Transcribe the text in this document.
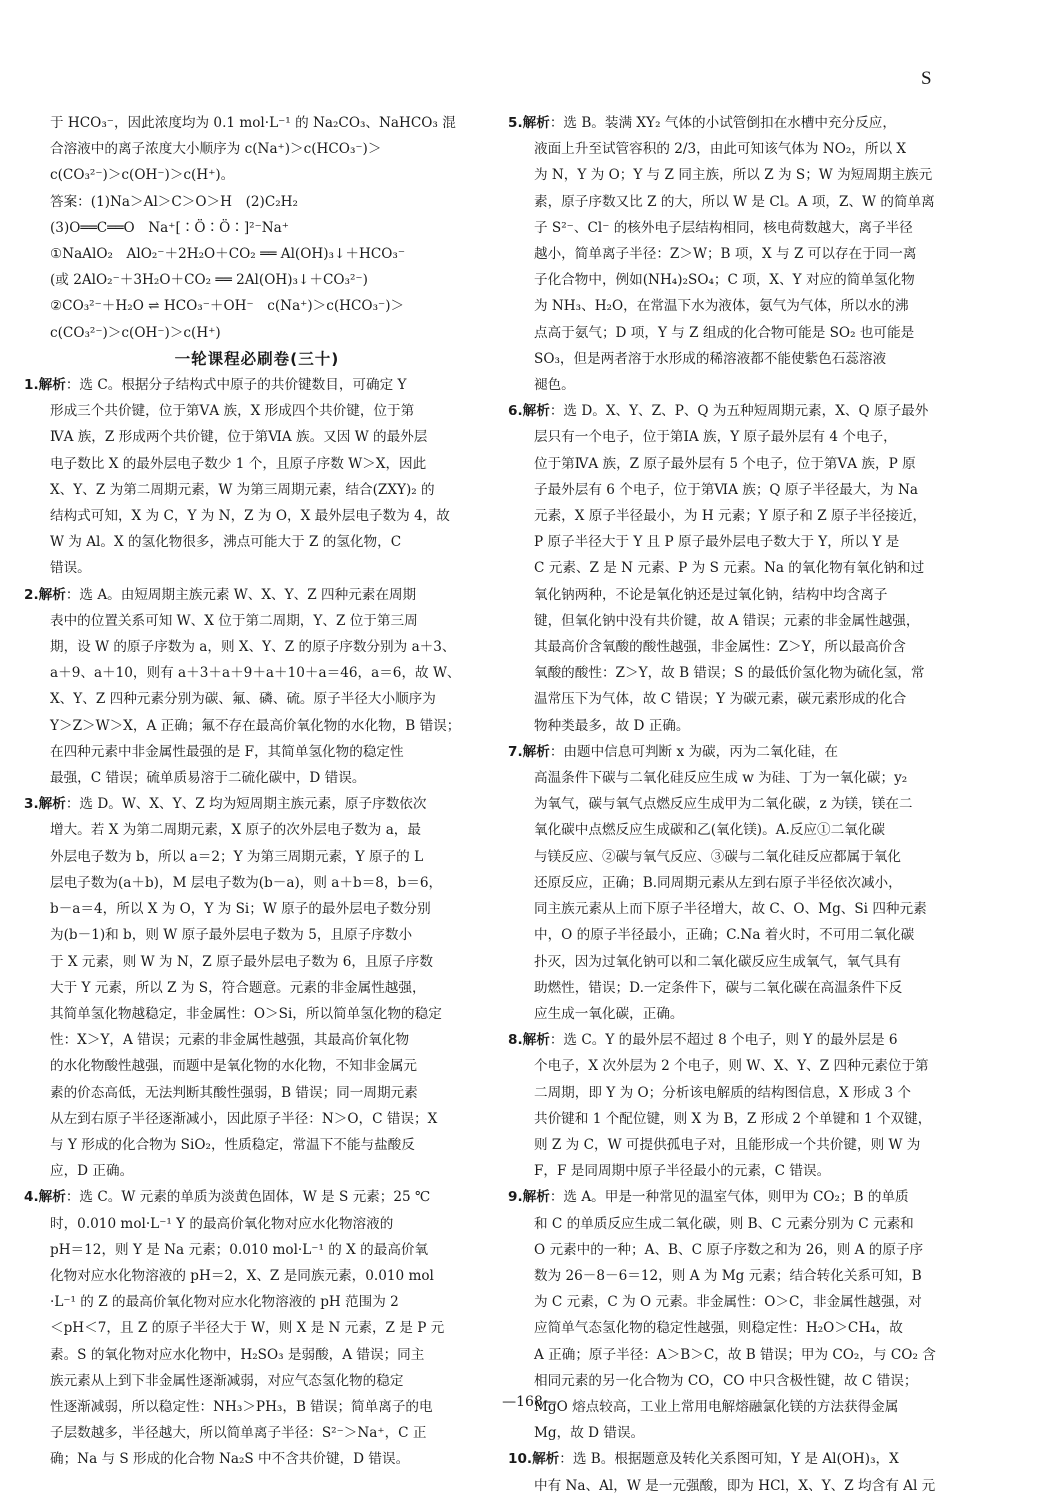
S
于 HCO₃⁻，因此浓度均为 0.1 mol·L⁻¹ 的 Na₂CO₃、NaHCO₃ 混
合溶液中的离子浓度大小顺序为 c(Na⁺)＞c(HCO₃⁻)＞
c(CO₃²⁻)＞c(OH⁻)＞c(H⁺)。
答案：(1)Na＞Al＞C＞O＞H　(2)C₂H₂
(3)O══C══O　Na⁺[∶Ö∶Ö∶]²⁻Na⁺
①NaAlO₂　AlO₂⁻＋2H₂O＋CO₂ ══ Al(OH)₃↓＋HCO₃⁻
(或 2AlO₂⁻＋3H₂O＋CO₂ ══ 2Al(OH)₃↓＋CO₃²⁻)
②CO₃²⁻＋H₂O ⇌ HCO₃⁻＋OH⁻　c(Na⁺)＞c(HCO₃⁻)＞
c(CO₃²⁻)＞c(OH⁻)＞c(H⁺)
一轮课程必刷卷(三十)
1.解析：选 C。根据分子结构式中原子的共价键数目，可确定 Y
形成三个共价键，位于第ⅤA 族，X 形成四个共价键，位于第
ⅣA 族，Z 形成两个共价键，位于第ⅥA 族。又因 W 的最外层
电子数比 X 的最外层电子数少 1 个，且原子序数 W＞X，因此
X、Y、Z 为第二周期元素，W 为第三周期元素，结合(ZXY)₂ 的
结构式可知，X 为 C，Y 为 N，Z 为 O，X 最外层电子数为 4，故
W 为 Al。X 的氢化物很多，沸点可能大于 Z 的氢化物，C
错误。
2.解析：选 A。由短周期主族元素 W、X、Y、Z 四种元素在周期
表中的位置关系可知 W、X 位于第二周期，Y、Z 位于第三周
期，设 W 的原子序数为 a，则 X、Y、Z 的原子序数分别为 a＋3、
a＋9、a＋10，则有 a＋3＋a＋9＋a＋10＋a＝46，a＝6，故 W、
X、Y、Z 四种元素分别为碳、氟、磷、硫。原子半径大小顺序为
Y＞Z＞W＞X，A 正确；氟不存在最高价氧化物的水化物，B 错误；
在四种元素中非金属性最强的是 F，其简单氢化物的稳定性
最强，C 错误；硫单质易溶于二硫化碳中，D 错误。
3.解析：选 D。W、X、Y、Z 均为短周期主族元素，原子序数依次
增大。若 X 为第二周期元素，X 原子的次外层电子数为 a，最
外层电子数为 b，所以 a＝2；Y 为第三周期元素，Y 原子的 L
层电子数为(a＋b)，M 层电子数为(b－a)，则 a＋b＝8，b＝6，
b－a＝4，所以 X 为 O，Y 为 Si；W 原子的最外层电子数分别
为(b－1)和 b，则 W 原子最外层电子数为 5，且原子序数小
于 X 元素，则 W 为 N，Z 原子最外层电子数为 6，且原子序数
大于 Y 元素，所以 Z 为 S，符合题意。元素的非金属性越强，
其简单氢化物越稳定，非金属性：O＞Si，所以简单氢化物的稳定
性：X＞Y，A 错误；元素的非金属性越强，其最高价氧化物
的水化物酸性越强，而题中是氧化物的水化物，不知非金属元
素的价态高低，无法判断其酸性强弱，B 错误；同一周期元素
从左到右原子半径逐渐减小，因此原子半径：N＞O，C 错误；X
与 Y 形成的化合物为 SiO₂，性质稳定，常温下不能与盐酸反
应，D 正确。
4.解析：选 C。W 元素的单质为淡黄色固体，W 是 S 元素；25 ℃
时，0.010 mol·L⁻¹ Y 的最高价氧化物对应水化物溶液的
pH＝12，则 Y 是 Na 元素；0.010 mol·L⁻¹ 的 X 的最高价氧
化物对应水化物溶液的 pH＝2，X、Z 是同族元素，0.010 mol
·L⁻¹ 的 Z 的最高价氧化物对应水化物溶液的 pH 范围为 2
＜pH＜7，且 Z 的原子半径大于 W，则 X 是 N 元素，Z 是 P 元
素。S 的氧化物对应水化物中，H₂SO₃ 是弱酸，A 错误；同主
族元素从上到下非金属性逐渐减弱，对应气态氢化物的稳定
性逐渐减弱，所以稳定性：NH₃＞PH₃，B 错误；简单离子的电
子层数越多，半径越大，所以简单离子半径：S²⁻＞Na⁺，C 正
确；Na 与 S 形成的化合物 Na₂S 中不含共价键，D 错误。
5.解析：选 B。装满 XY₂ 气体的小试管倒扣在水槽中充分反应，
液面上升至试管容积的 2/3，由此可知该气体为 NO₂，所以 X
为 N，Y 为 O；Y 与 Z 同主族，所以 Z 为 S；W 为短周期主族元
素，原子序数又比 Z 的大，所以 W 是 Cl。A 项，Z、W 的简单离
子 S²⁻、Cl⁻ 的核外电子层结构相同，核电荷数越大，离子半径
越小，简单离子半径：Z＞W；B 项，X 与 Z 可以存在于同一离
子化合物中，例如(NH₄)₂SO₄；C 项，X、Y 对应的简单氢化物
为 NH₃、H₂O，在常温下水为液体，氨气为气体，所以水的沸
点高于氨气；D 项，Y 与 Z 组成的化合物可能是 SO₂ 也可能是
SO₃，但是两者溶于水形成的稀溶液都不能使紫色石蕊溶液
褪色。
6.解析：选 D。X、Y、Z、P、Q 为五种短周期元素，X、Q 原子最外
层只有一个电子，位于第ⅠA 族，Y 原子最外层有 4 个电子，
位于第ⅣA 族，Z 原子最外层有 5 个电子，位于第ⅤA 族，P 原
子最外层有 6 个电子，位于第ⅥA 族；Q 原子半径最大，为 Na
元素，X 原子半径最小，为 H 元素；Y 原子和 Z 原子半径接近，
P 原子半径大于 Y 且 P 原子最外层电子数大于 Y，所以 Y 是
C 元素、Z 是 N 元素、P 为 S 元素。Na 的氧化物有氧化钠和过
氧化钠两种，不论是氧化钠还是过氧化钠，结构中均含离子
键，但氧化钠中没有共价键，故 A 错误；元素的非金属性越强，
其最高价含氧酸的酸性越强，非金属性：Z＞Y，所以最高价含
氧酸的酸性：Z＞Y，故 B 错误；S 的最低价氢化物为硫化氢，常
温常压下为气体，故 C 错误；Y 为碳元素，碳元素形成的化合
物种类最多，故 D 正确。
7.解析：由题中信息可判断 x 为碳，丙为二氧化硅，在
高温条件下碳与二氧化硅反应生成 w 为硅、丁为一氧化碳；y₂
为氧气，碳与氧气点燃反应生成甲为二氧化碳，z 为镁，镁在二
氧化碳中点燃反应生成碳和乙(氧化镁)。A.反应①二氧化碳
与镁反应、②碳与氧气反应、③碳与二氧化硅反应都属于氧化
还原反应，正确；B.同周期元素从左到右原子半径依次减小，
同主族元素从上而下原子半径增大，故 C、O、Mg、Si 四种元素
中，O 的原子半径最小，正确；C.Na 着火时，不可用二氧化碳
扑灭，因为过氧化钠可以和二氧化碳反应生成氧气，氧气具有
助燃性，错误；D.一定条件下，碳与二氧化碳在高温条件下反
应生成一氧化碳，正确。
8.解析：选 C。Y 的最外层不超过 8 个电子，则 Y 的最外层是 6
个电子，X 次外层为 2 个电子，则 W、X、Y、Z 四种元素位于第
二周期，即 Y 为 O；分析该电解质的结构图信息，X 形成 3 个
共价键和 1 个配位键，则 X 为 B，Z 形成 2 个单键和 1 个双键，
则 Z 为 C，W 可提供孤电子对，且能形成一个共价键，则 W 为
F，F 是同周期中原子半径最小的元素，C 错误。
9.解析：选 A。甲是一种常见的温室气体，则甲为 CO₂；B 的单质
和 C 的单质反应生成二氧化碳，则 B、C 元素分别为 C 元素和
O 元素中的一种；A、B、C 原子序数之和为 26，则 A 的原子序
数为 26－8－6＝12，则 A 为 Mg 元素；结合转化关系可知，B
为 C 元素，C 为 O 元素。非金属性：O＞C，非金属性越强，对
应简单气态氢化物的稳定性越强，则稳定性：H₂O＞CH₄，故
A 正确；原子半径：A＞B＞C，故 B 错误；甲为 CO₂，与 CO₂ 含
相同元素的另一化合物为 CO，CO 中只含极性键，故 C 错误；
MgO 熔点较高，工业上常用电解熔融氯化镁的方法获得金属
Mg，故 D 错误。
10.解析：选 B。根据题意及转化关系图可知，Y 是 Al(OH)₃，X
中有 Na、Al，W 是一元强酸，即为 HCl，X、Y、Z 均含有 Al 元
—168—
